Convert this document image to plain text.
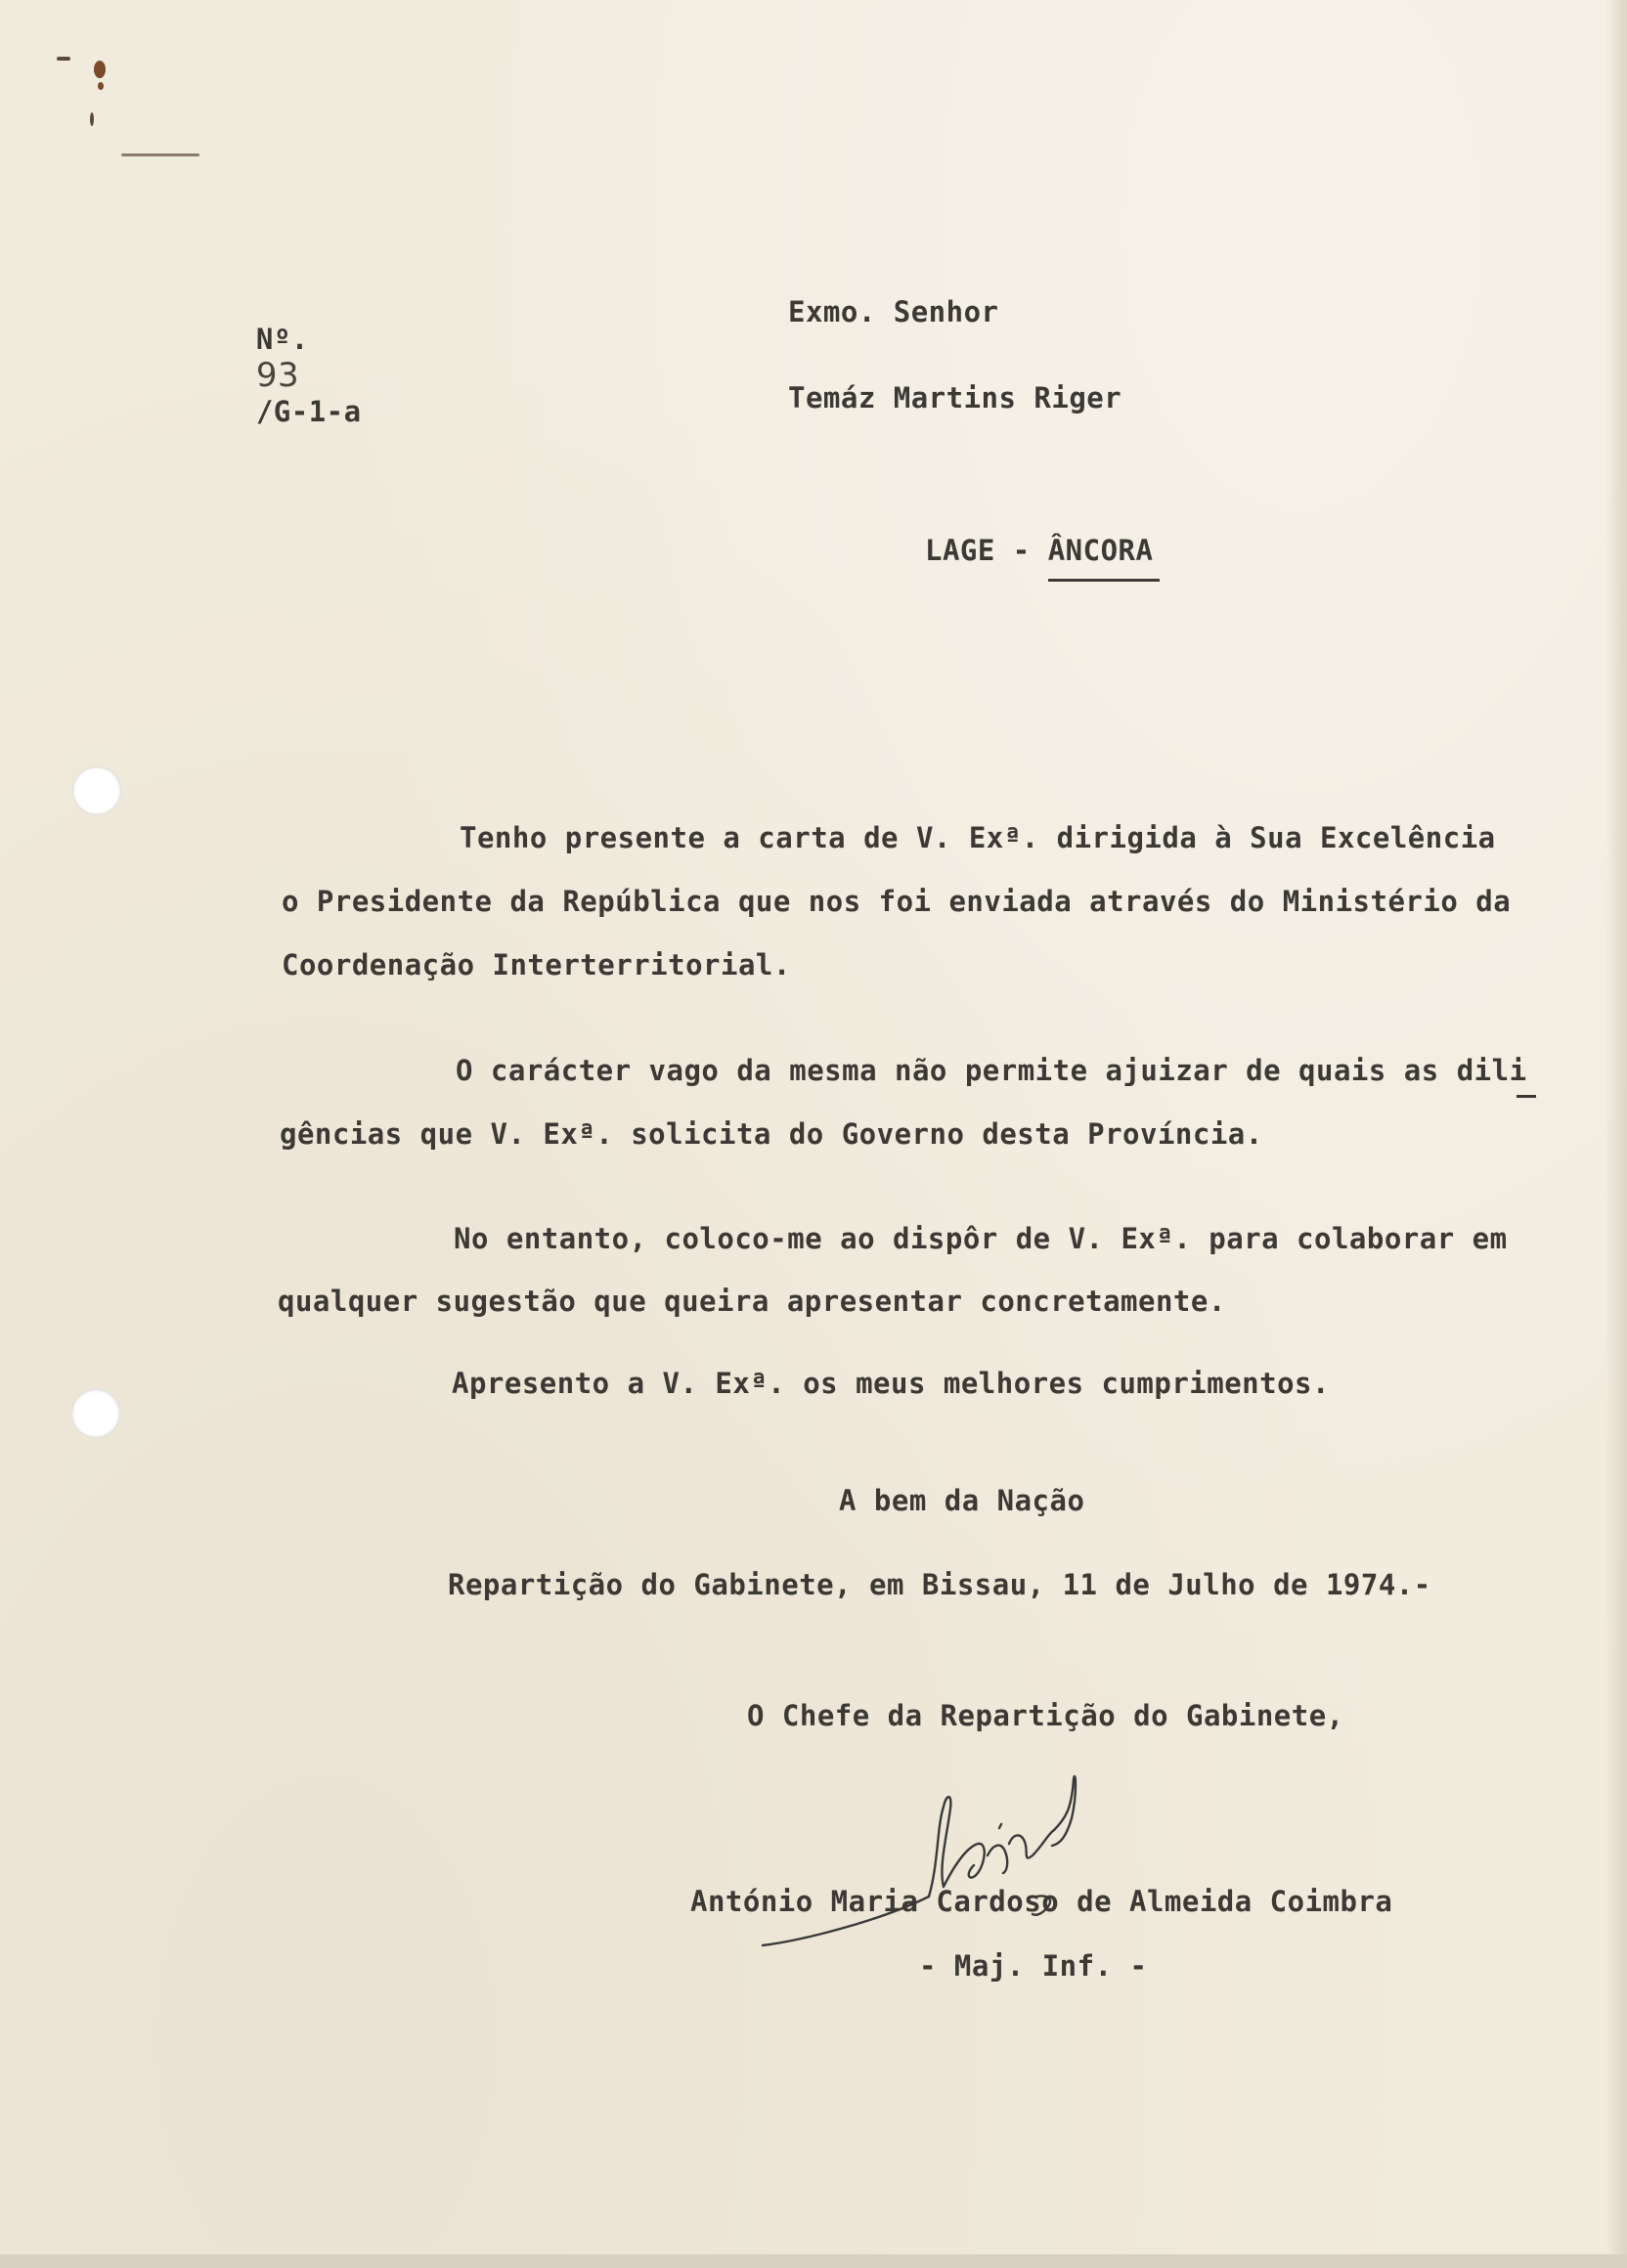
Nº.
93
/G-1-a

Exmo. Senhor
Temáz Martins Riger
LAGE - ÂNCORA
Tenho presente a carta de V. Exª. dirigida à Sua Excelência
o Presidente da República que nos foi enviada através do Ministério da
Coordenação Interterritorial.
O carácter vago da mesma não permite ajuizar de quais as dili
gências que V. Exª. solicita do Governo desta Província.
No entanto, coloco-me ao dispôr de V. Exª. para colaborar em
qualquer sugestão que queira apresentar concretamente.
Apresento a V. Exª. os meus melhores cumprimentos.
A bem da Nação
Repartição do Gabinete, em Bissau, 11 de Julho de 1974.-
O Chefe da Repartição do Gabinete,
António Maria Cardoso de Almeida Coimbra
- Maj. Inf. -
